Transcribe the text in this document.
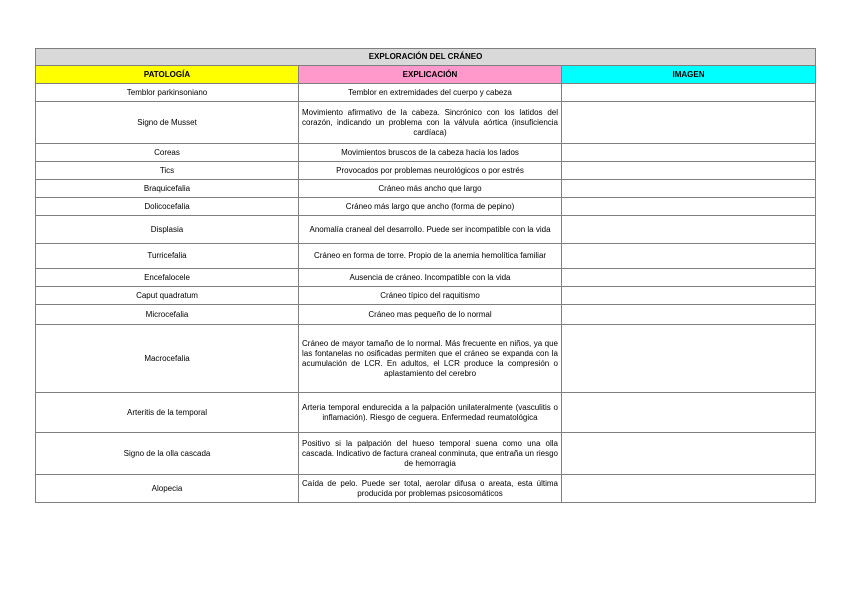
EXPLORACIÓN DEL CRÁNEO		
PATOLOGÍA	EXPLICACIÓN	IMAGEN
Temblor parkinsoniano	Temblor en extremidades del cuerpo y cabeza	
Signo de Musset	Movimiento afirmativo de la cabeza. Sincrónico con los latidos del corazón, indicando un problema con la válvula aórtica (insuficiencia cardíaca)	
Coreas	Movimientos bruscos de la cabeza hacia los lados	
Tics	Provocados por problemas neurológicos o por estrés	
Braquicefalia	Cráneo más ancho que largo	
Dolicocefalia	Cráneo más largo que ancho (forma de pepino)	
Displasia	Anomalía craneal del desarrollo. Puede ser incompatible con la vida	
Turricefalia	Cráneo en forma de torre. Propio de la anemia hemolítica familiar	
Encefalocele	Ausencia de cráneo. Incompatible con la vida	
Caput quadratum	Cráneo típico del raquitismo	
Microcefalia	Cráneo mas pequeño de lo normal	
Macrocefalia	Cráneo de mayor tamaño de lo normal. Más frecuente en niños, ya que las fontanelas no osificadas permiten que el cráneo se expanda con la acumulación de LCR. En adultos, el LCR produce la compresión o aplastamiento del cerebro	
Arteritis de la temporal	Arteria temporal endurecida a la palpación unilateralmente (vasculitis o inflamación). Riesgo de ceguera. Enfermedad reumatológica	
Signo de la olla cascada	Positivo si la palpación del hueso temporal suena como una olla cascada. Indicativo de factura craneal conminuta, que entraña un riesgo de hemorragia	
Alopecia	Caída de pelo. Puede ser total, aerolar difusa o areata, esta última producida por problemas psicosomáticos	
